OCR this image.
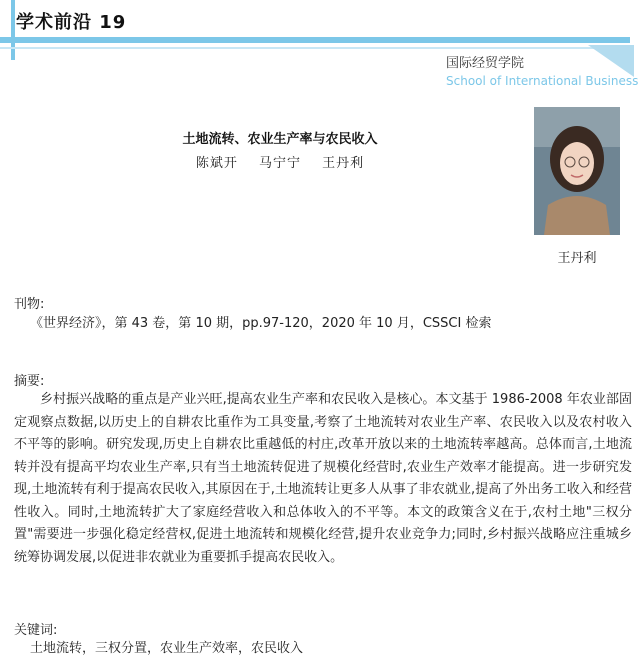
学术前沿 19
国际经贸学院
School of International Business
土地流转、农业生产率与农民收入
陈斌开 马宁宁 王丹利
王丹利
刊物:
《世界经济》，第 43 卷，第 10 期，pp.97-120，2020 年 10 月，CSSCI 检索
摘要:
乡村振兴战略的重点是产业兴旺,提高农业生产率和农民收入是核心。本文基于 1986-2008 年农业部固定观察点数据,以历史上的自耕农比重作为工具变量,考察了土地流转对农业生产率、农民收入以及农村收入不平等的影响。研究发现,历史上自耕农比重越低的村庄,改革开放以来的土地流转率越高。总体而言,土地流转并没有提高平均农业生产率,只有当土地流转促进了规模化经营时,农业生产效率才能提高。进一步研究发现,土地流转有利于提高农民收入,其原因在于,土地流转让更多人从事了非农就业,提高了外出务工收入和经营性收入。同时,土地流转扩大了家庭经营收入和总体收入的不平等。本文的政策含义在于,农村土地"三权分置"需要进一步强化稳定经营权,促进土地流转和规模化经营,提升农业竞争力;同时,乡村振兴战略应注重城乡统筹协调发展,以促进非农就业为重要抓手提高农民收入。
关键词:
土地流转，三权分置，农业生产效率，农民收入
